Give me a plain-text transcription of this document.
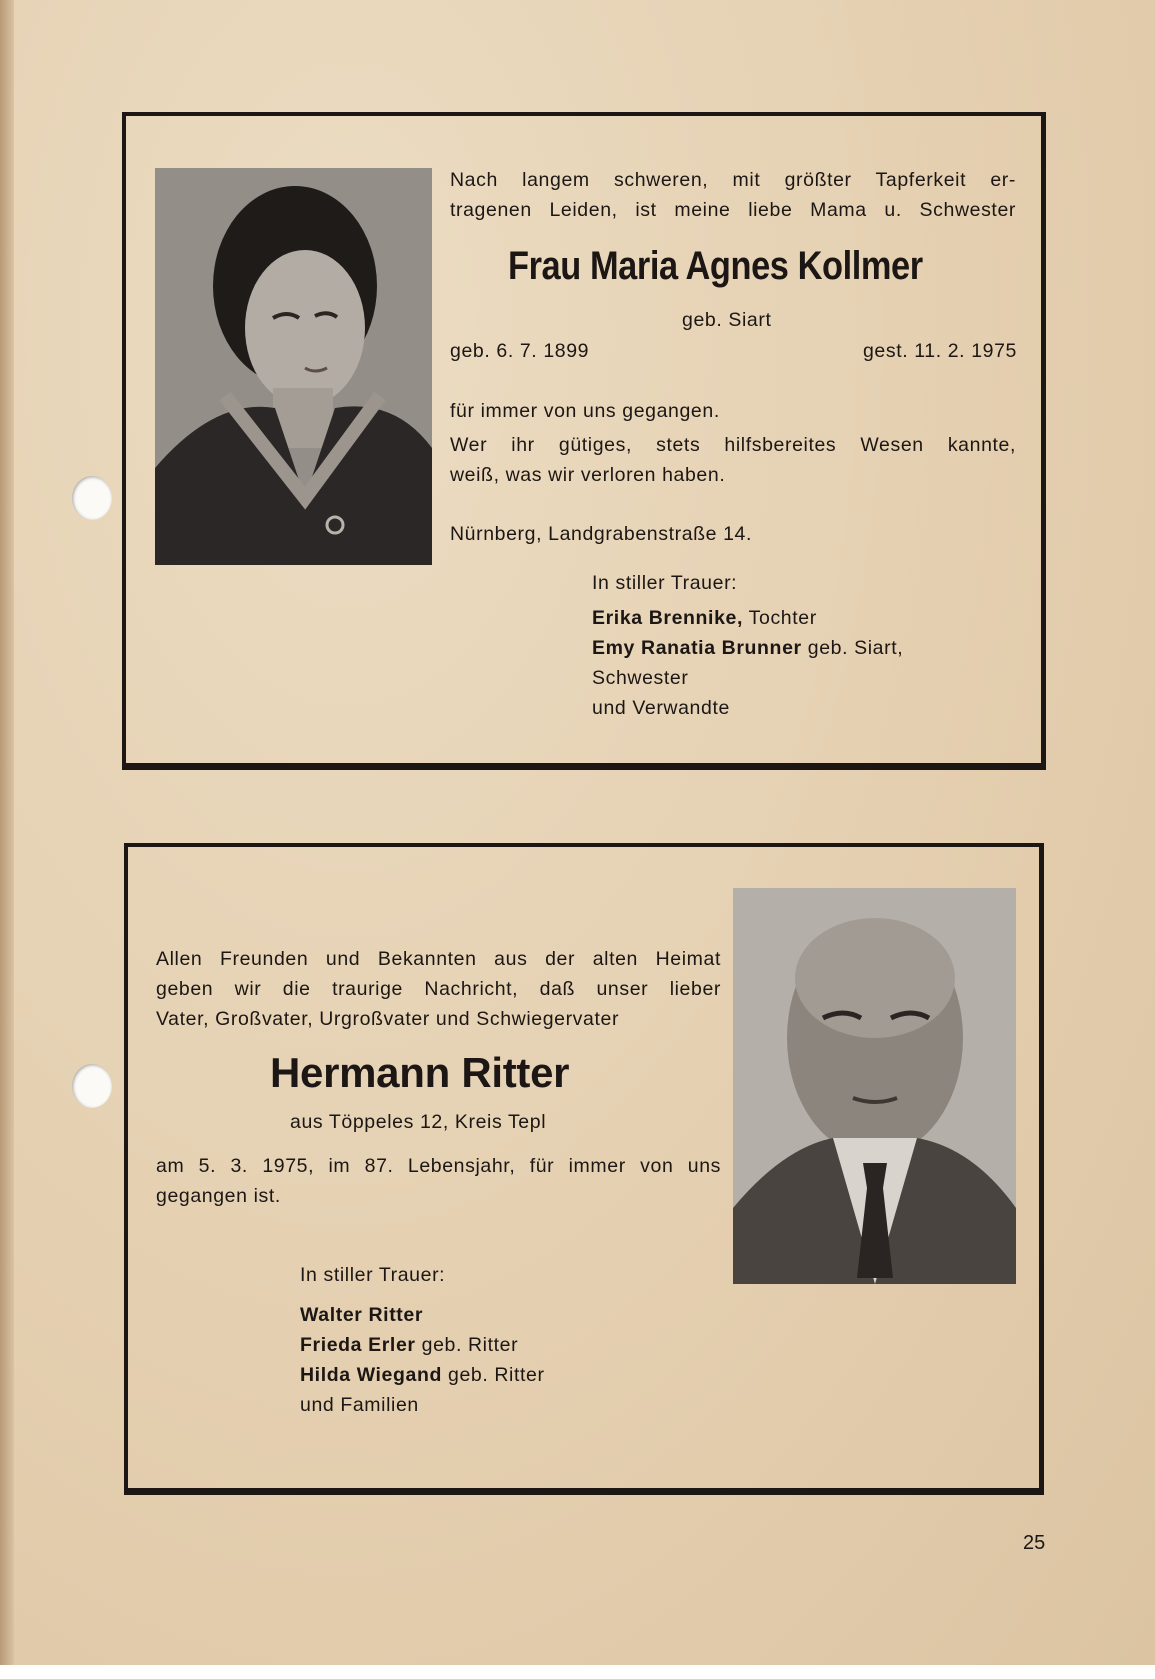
Nach langem schweren, mit größter Tapferkeit er-
tragenen Leiden, ist meine liebe Mama u. Schwester
Frau Maria Agnes Kollmer
geb. Siart
geb. 6. 7. 1899	gest. 11. 2. 1975
für immer von uns gegangen.
Wer ihr gütiges, stets hilfsbereites Wesen kannte,
weiß, was wir verloren haben.
Nürnberg, Landgrabenstraße 14.
In stiller Trauer:
Erika Brennike, Tochter
Emy Ranatia Brunner geb. Siart,
Schwester
und Verwandte
Allen Freunden und Bekannten aus der alten Heimat
geben wir die traurige Nachricht, daß unser lieber
Vater, Großvater, Urgroßvater und Schwiegervater
Hermann Ritter
aus Töppeles 12, Kreis Tepl
am 5. 3. 1975, im 87. Lebensjahr, für immer von uns
gegangen ist.
In stiller Trauer:
Walter Ritter
Frieda Erler geb. Ritter
Hilda Wiegand geb. Ritter
und Familien
25
